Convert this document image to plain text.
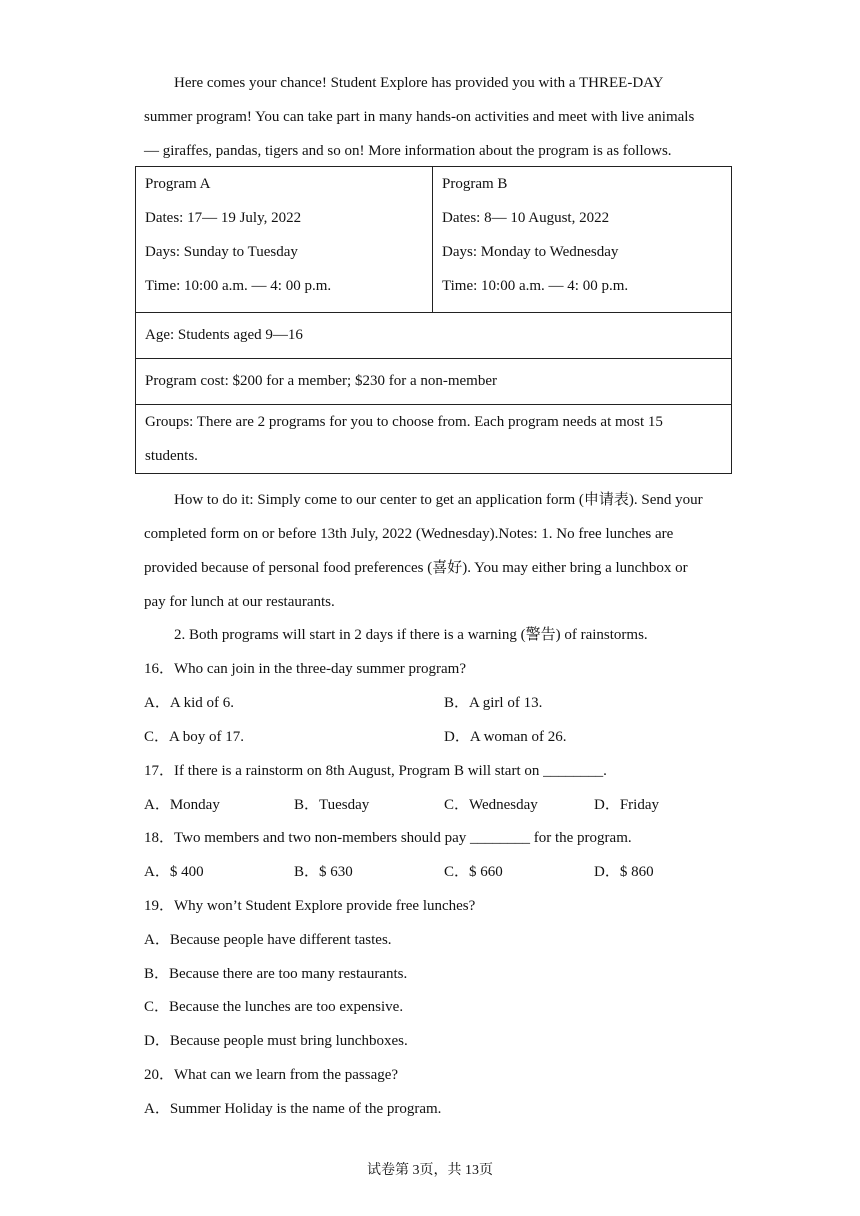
Here comes your chance! Student Explore has provided you with a THREE-DAY
summer program! You can take part in many hands-on activities and meet with live animals
— giraffes, pandas, tigers and so on! More information about the program is as follows.
Program A
Dates: 17— 19 July, 2022
Days: Sunday to Tuesday
Time: 10:00 a.m. — 4: 00 p.m.

Program B
Dates: 8— 10 August, 2022
Days: Monday to Wednesday
Time: 10:00 a.m. — 4: 00 p.m.

Age: Students aged 9—16
Program cost: $200 for a member; $230 for a non-member

Groups: There are 2 programs for you to choose from. Each program needs at most 15
students.
How to do it: Simply come to our center to get an application form (申请表). Send your
completed form on or before 13th July, 2022 (Wednesday).Notes: 1. No free lunches are
provided because of personal food preferences (喜好). You may either bring a lunchbox or
pay for lunch at our restaurants.
2. Both programs will start in 2 days if there is a warning (警告) of rainstorms.
16．Who can join in the three-day summer program?
A．A kid of 6.	B．A girl of 13.
C．A boy of 17.	D．A woman of 26.
17．If there is a rainstorm on 8th August, Program B will start on ________.
A．Monday	B．Tuesday	C．Wednesday	D．Friday
18．Two members and two non-members should pay ________ for the program.
A．$ 400	B．$ 630	C．$ 660	D．$ 860
19．Why won’t Student Explore provide free lunches?
A．Because people have different tastes.
B．Because there are too many restaurants.
C．Because the lunches are too expensive.
D．Because people must bring lunchboxes.
20．What can we learn from the passage?
A．Summer Holiday is the name of the program.
试卷第 3页，共 13页
